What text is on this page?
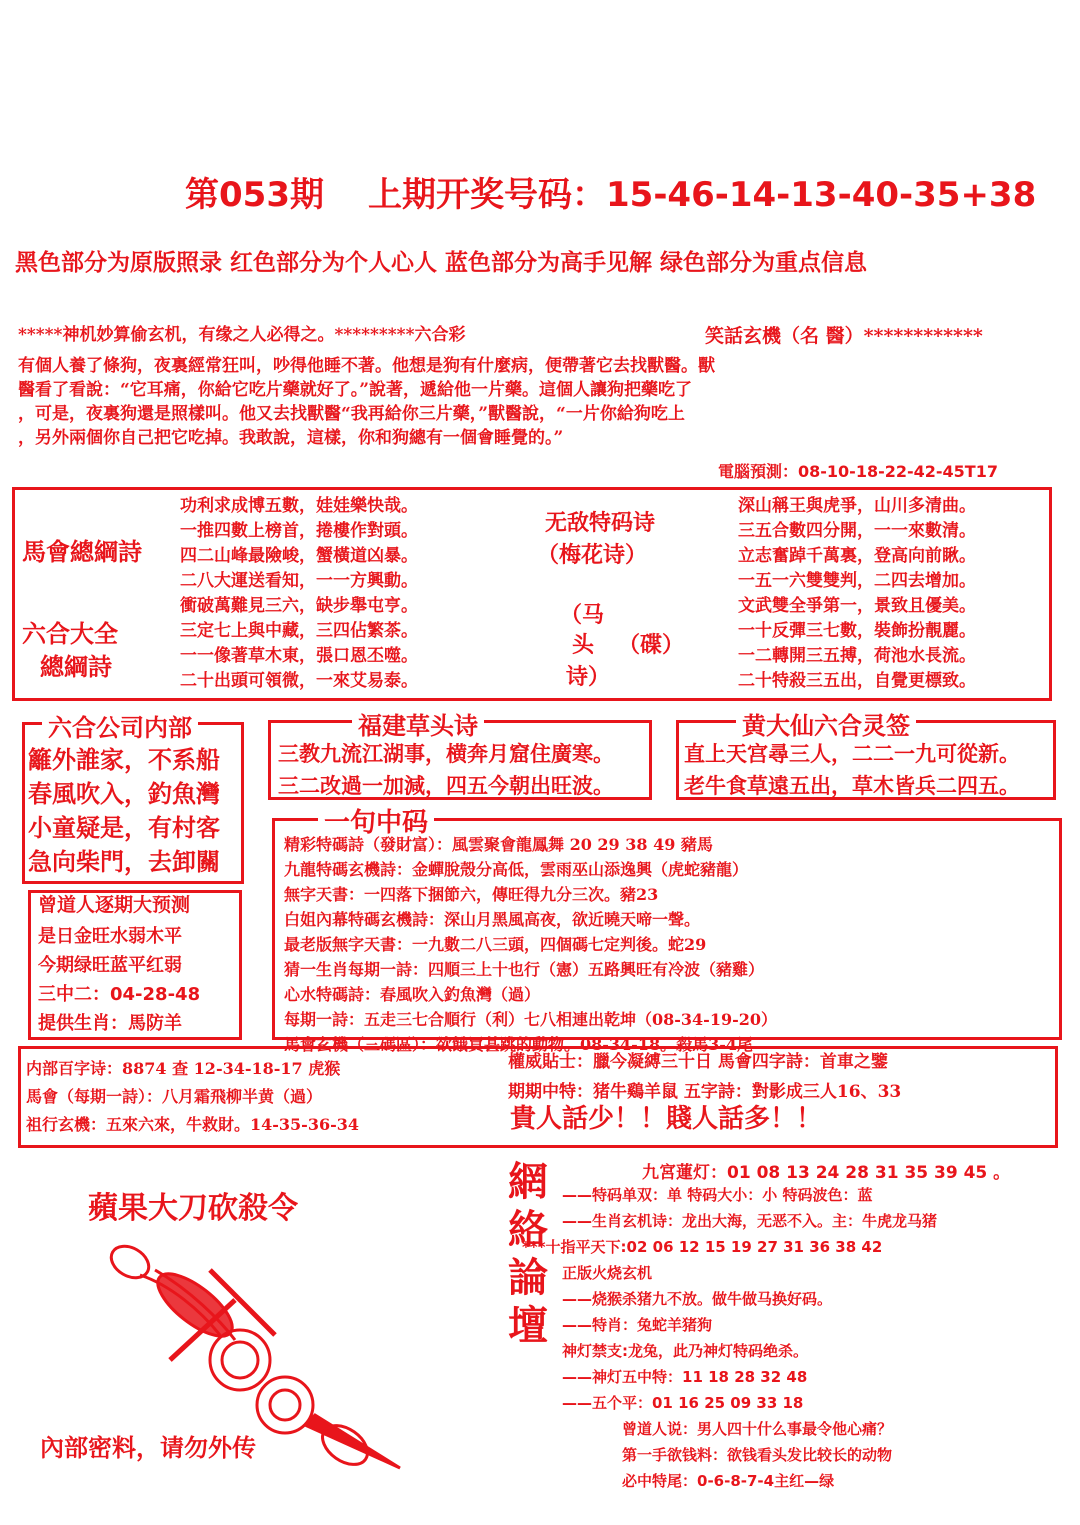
第053期 上期开奖号码：15-46-14-13-40-35+38
黑色部分为原版照录 红色部分为个人心人 蓝色部分为高手见解 绿色部分为重点信息
*****神机妙算偷玄机，有缘之人必得之。*********六合彩	笑話玄機（名 醫）************
有個人養了條狗，夜裏經常狂叫，吵得他睡不著。他想是狗有什麼病，便帶著它去找獸醫。獸
醫看了看說：“它耳痛，你給它吃片藥就好了。”說著，遞給他一片藥。這個人讓狗把藥吃了
，可是，夜裏狗還是照樣叫。他又去找獸醫“我再給你三片藥，”獸醫說，“一片你給狗吃上
，另外兩個你自己把它吃掉。我敢說，這樣，你和狗總有一個會睡覺的。”
電腦預測：08-10-18-22-42-45T17
馬會總綱詩
六合大全
總綱詩
功利求成博五數，娃娃樂快哉。
一推四數上榜首，捲樓作對頭。
四二山峰最險峻，蟹橫道凶暴。
二八大運送看知，一一方興動。
衝破萬難見三六，缺步舉屯亨。
三定七上與中藏，三四佔繁茶。
一一像著草木東，張口恩丕噬。
二十出頭可領微，一來艾易泰。
无敌特码诗
（梅花诗）
（马
头 （碟）
诗）
深山稱王與虎爭，山川多清曲。
三五合數四分開，一一來數清。
立志奮踔千萬裏，登高向前瞅。
一五一六雙雙判，二四去增加。
文武雙全爭第一，景致且優美。
一十反彈三七數，裝飾扮靚麗。
一二轉開三五搏，荷池水長流。
二十特殺三五出，自覺更標致。
六合公司内部
籬外誰家，不系船
春風吹入，釣魚灣
小童疑是，有村客
急向柴門，去卸關
福建草头诗
三教九流江湖事，横奔月窟住廣寒。
三二改過一加減，四五今朝出旺波。
黄大仙六合灵签
直上天宫尋三人，二二一九可從新。
老牛食草遠五出，草木皆兵二四五。
曾道人逐期大预测
是日金旺水弱木平
今期绿旺蓝平红弱
三中二：04-28-48
提供生肖：馬防羊
一句中码
精彩特碼詩（發財富）：風雲聚會龍鳳舞 20 29 38 49 豬馬
九龍特碼玄機詩：金蟬脫殼分高低，雲雨巫山添逸興（虎蛇豬龍）
無字天書：一四落下捆節六，傳旺得九分三次。豬23
白姐內幕特碼玄機詩：深山月黑風高夜，欲近曉天啼一聲。
最老版無字天書：一九數二八三頭，四個碼七定判後。蛇29
猜一生肖每期一詩：四順三上十也行（憲）五路興旺有冷波（豬雞）
心水特碼詩：春風吹入釣魚灣（過）
每期一詩：五走三七合順行（利）七八相連出乾坤（08-34-19-20）
馬會玄機（三碼區）：欲餓買甚跳的動物。08-34-18。殺馬3-4尾
内部百字诗：8874 查 12-34-18-17 虎猴
馬會（每期一詩）：八月霜飛柳半黄（過）
祖行玄機：五來六來，牛救財。14-35-36-34
權威貼士：臘今凝縛三十日 馬會四字詩：首車之鑒
期期中特：猪牛鷄羊鼠 五字詩：對影成三人16、33
貴人話少！！賤人話多！！
蘋果大刀砍殺令
內部密料，请勿外传
網
絡
論
壇
九宮蓮灯：01 08 13 24 28 31 35 39 45 。
——特码单双：单 特码大小：小 特码波色：蓝
——生肖玄机诗：龙出大海，无恶不入。主：牛虎龙马猪
***十指平天下:02 06 12 15 19 27 31 36 38 42
正版火烧玄机
——烧猴杀猪九不放。做牛做马换好码。
——特肖：兔蛇羊猪狗
神灯禁支:龙兔，此乃神灯特码绝杀。
——神灯五中特：11 18 28 32 48
——五个平：01 16 25 09 33 18
曾道人说：男人四十什么事最令他心痛？
第一手欲钱料：欲钱看头发比较长的动物
必中特尾：0-6-8-7-4主红—绿
